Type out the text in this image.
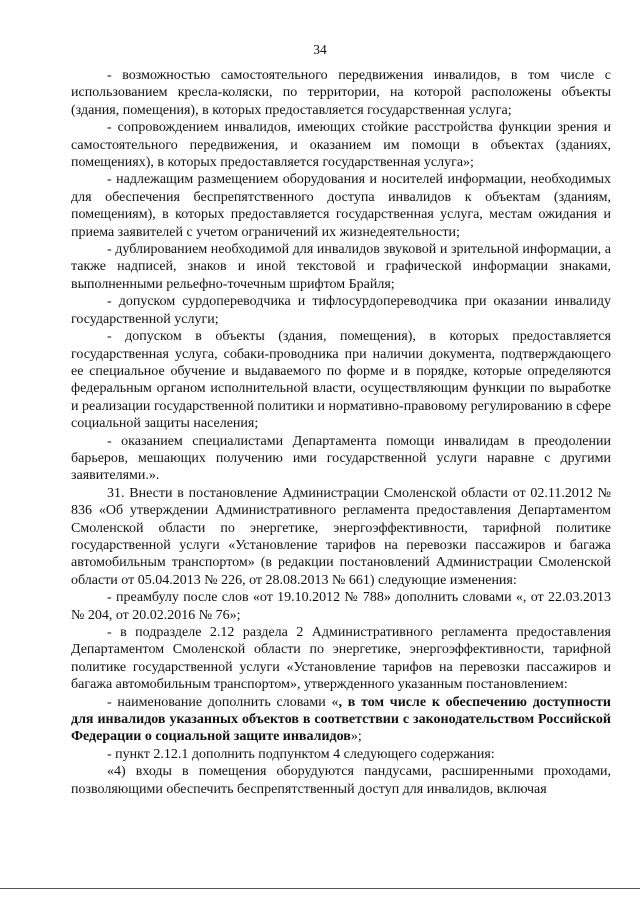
34

- возможностью самостоятельного передвижения инвалидов, в том числе с использованием кресла-коляски, по территории, на которой расположены объекты (здания, помещения), в которых предоставляется государственная услуга;

- сопровождением инвалидов, имеющих стойкие расстройства функции зрения и самостоятельного передвижения, и оказанием им помощи в объектах (зданиях, помещениях), в которых предоставляется государственная услуга»;

- надлежащим размещением оборудования и носителей информации, необходимых для обеспечения беспрепятственного доступа инвалидов к объектам (зданиям, помещениям), в которых предоставляется государственная услуга, местам ожидания и приема заявителей с учетом ограничений их жизнедеятельности;

- дублированием необходимой для инвалидов звуковой и зрительной информации, а также надписей, знаков и иной текстовой и графической информации знаками, выполненными рельефно-точечным шрифтом Брайля;

- допуском сурдопереводчика и тифлосурдопереводчика при оказании инвалиду государственной услуги;

- допуском в объекты (здания, помещения), в которых предоставляется государственная услуга, собаки-проводника при наличии документа, подтверждающего ее специальное обучение и выдаваемого по форме и в порядке, которые определяются федеральным органом исполнительной власти, осуществляющим функции по выработке и реализации государственной политики и нормативно-правовому регулированию в сфере социальной защиты населения;

- оказанием специалистами Департамента помощи инвалидам в преодолении барьеров, мешающих получению ими государственной услуги наравне с другими заявителями.».

31. Внести в постановление Администрации Смоленской области от 02.11.2012 № 836 «Об утверждении Административного регламента предоставления Департаментом Смоленской области по энергетике, энергоэффективности, тарифной политике государственной услуги «Установление тарифов на перевозки пассажиров и багажа автомобильным транспортом» (в редакции постановлений Администрации Смоленской области от 05.04.2013 № 226, от 28.08.2013 № 661) следующие изменения:

- преамбулу после слов «от 19.10.2012 № 788» дополнить словами «, от 22.03.2013 № 204, от 20.02.2016 № 76»;

- в подразделе 2.12 раздела 2 Административного регламента предоставления Департаментом Смоленской области по энергетике, энергоэффективности, тарифной политике государственной услуги «Установление тарифов на перевозки пассажиров и багажа автомобильным транспортом», утвержденного указанным постановлением:

- наименование дополнить словами «, в том числе к обеспечению доступности для инвалидов указанных объектов в соответствии с законодательством Российской Федерации о социальной защите инвалидов»;

- пункт 2.12.1 дополнить подпунктом 4 следующего содержания:

«4) входы в помещения оборудуются пандусами, расширенными проходами, позволяющими обеспечить беспрепятственный доступ для инвалидов, включая
